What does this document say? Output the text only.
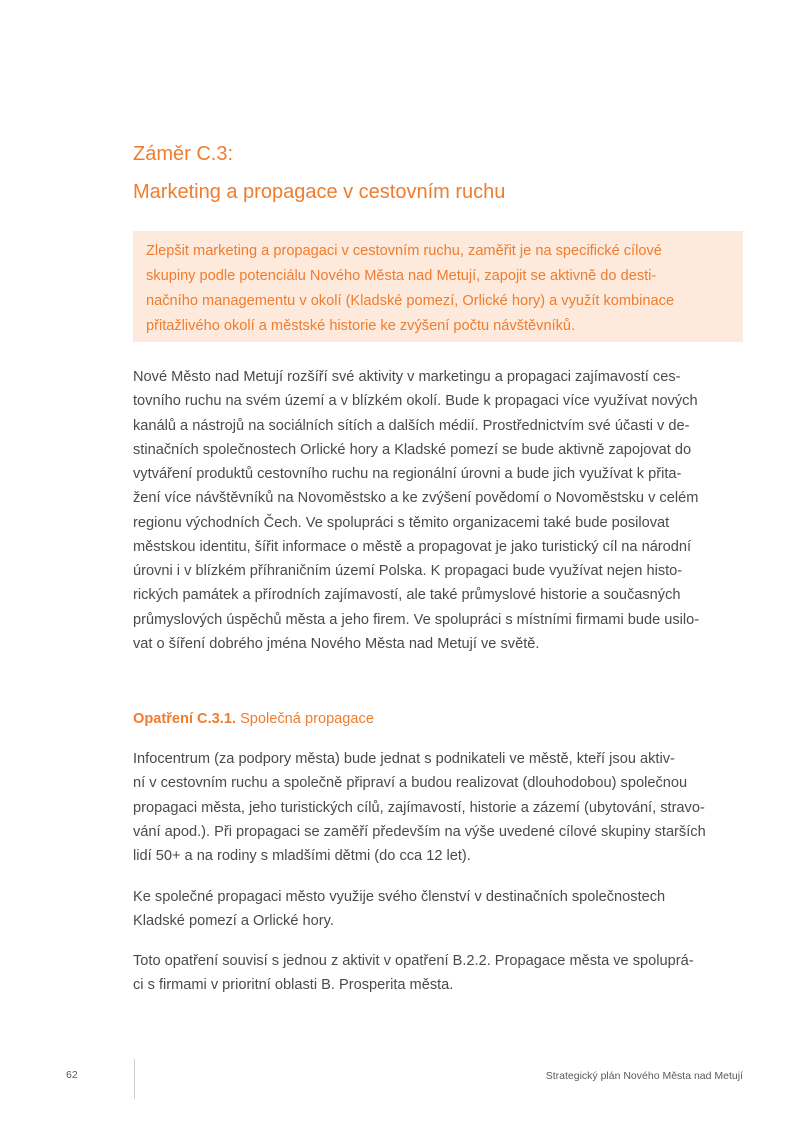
Záměr C.3:
Marketing a propagace v cestovním ruchu
Zlepšit marketing a propagaci v cestovním ruchu, zaměřit je na specifické cílové
skupiny podle potenciálu Nového Města nad Metují, zapojit se aktivně do desti-
načního managementu v okolí (Kladské pomezí, Orlické hory) a využít kombinace
přitažlivého okolí a městské historie ke zvýšení počtu návštěvníků.
Nové Město nad Metují rozšíří své aktivity v marketingu a propagaci zajímavostí ces-
tovního ruchu na svém území a v blízkém okolí. Bude k propagaci více využívat nových
kanálů a nástrojů na sociálních sítích a dalších médií. Prostřednictvím své účasti v de-
stinačních společnostech Orlické hory a Kladské pomezí se bude aktivně zapojovat do
vytváření produktů cestovního ruchu na regionální úrovni a bude jich využívat k přita-
žení více návštěvníků na Novoměstsko a ke zvýšení povědomí o Novoměstsku v celém
regionu východních Čech. Ve spolupráci s těmito organizacemi také bude posilovat
městskou identitu, šířit informace o městě a propagovat je jako turistický cíl na národní
úrovni i v blízkém příhraničním území Polska. K propagaci bude využívat nejen histo-
rických památek a přírodních zajímavostí, ale také průmyslové historie a současných
průmyslových úspěchů města a jeho firem. Ve spolupráci s místními firmami bude usilo-
vat o šíření dobrého jména Nového Města nad Metují ve světě.
Opatření C.3.1. Společná propagace
Infocentrum (za podpory města) bude jednat s podnikateli ve městě, kteří jsou aktiv-
ní v cestovním ruchu a společně připraví a budou realizovat (dlouhodobou) společnou
propagaci města, jeho turistických cílů, zajímavostí, historie a zázemí (ubytování, stravo-
vání apod.). Při propagaci se zaměří především na výše uvedené cílové skupiny starších
lidí 50+ a na rodiny s mladšími dětmi (do cca 12 let).
Ke společné propagaci město využije svého členství v destinačních společnostech
Kladské pomezí a Orlické hory.
Toto opatření souvisí s jednou z aktivit v opatření B.2.2. Propagace města ve spoluprá-
ci s firmami v prioritní oblasti B. Prosperita města.
62	Strategický plán Nového Města nad Metují
